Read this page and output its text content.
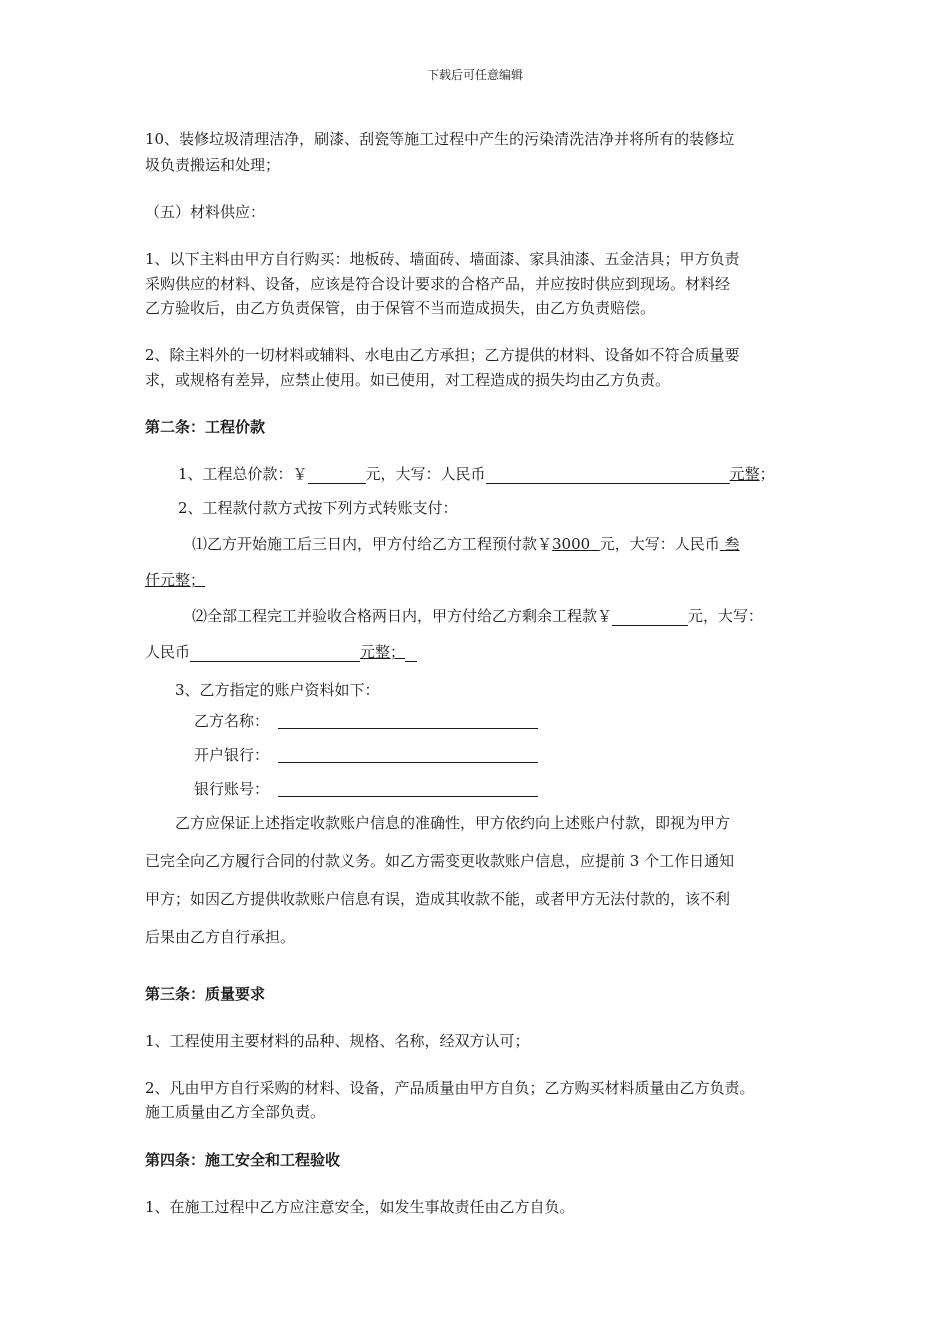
下载后可任意编辑
10、装修垃圾清理洁净，刷漆、刮瓷等施工过程中产生的污染清洗洁净并将所有的装修垃
圾负责搬运和处理；
（五）材料供应：
1、以下主料由甲方自行购买：地板砖、墙面砖、墙面漆、家具油漆、五金洁具；甲方负责
采购供应的材料、设备，应该是符合设计要求的合格产品，并应按时供应到现场。材料经
乙方验收后，由乙方负责保管，由于保管不当而造成损失，由乙方负责赔偿。
2、除主料外的一切材料或辅料、水电由乙方承担；乙方提供的材料、设备如不符合质量要
求，或规格有差异，应禁止使用。如已使用，对工程造成的损失均由乙方负责。
第二条：工程价款
1、工程总价款：￥	元，大写：人民币	元整；
2、工程款付款方式按下列方式转账支付：
⑴乙方开始施工后三日内，甲方付给乙方工程预付款￥3000 元，大写：人民币 叁
仟元整；
⑵全部工程完工并验收合格两日内，甲方付给乙方剩余工程款￥	元，大写：
人民币	元整；
3、乙方指定的账户资料如下：
乙方名称：
开户银行：
银行账号：
乙方应保证上述指定收款账户信息的准确性，甲方依约向上述账户付款，即视为甲方
已完全向乙方履行合同的付款义务。如乙方需变更收款账户信息，应提前 3 个工作日通知
甲方；如因乙方提供收款账户信息有误，造成其收款不能，或者甲方无法付款的，该不利
后果由乙方自行承担。
第三条：质量要求
1、工程使用主要材料的品种、规格、名称，经双方认可；
2、凡由甲方自行采购的材料、设备，产品质量由甲方自负；乙方购买材料质量由乙方负责。
施工质量由乙方全部负责。
第四条：施工安全和工程验收
1、在施工过程中乙方应注意安全，如发生事故责任由乙方自负。
